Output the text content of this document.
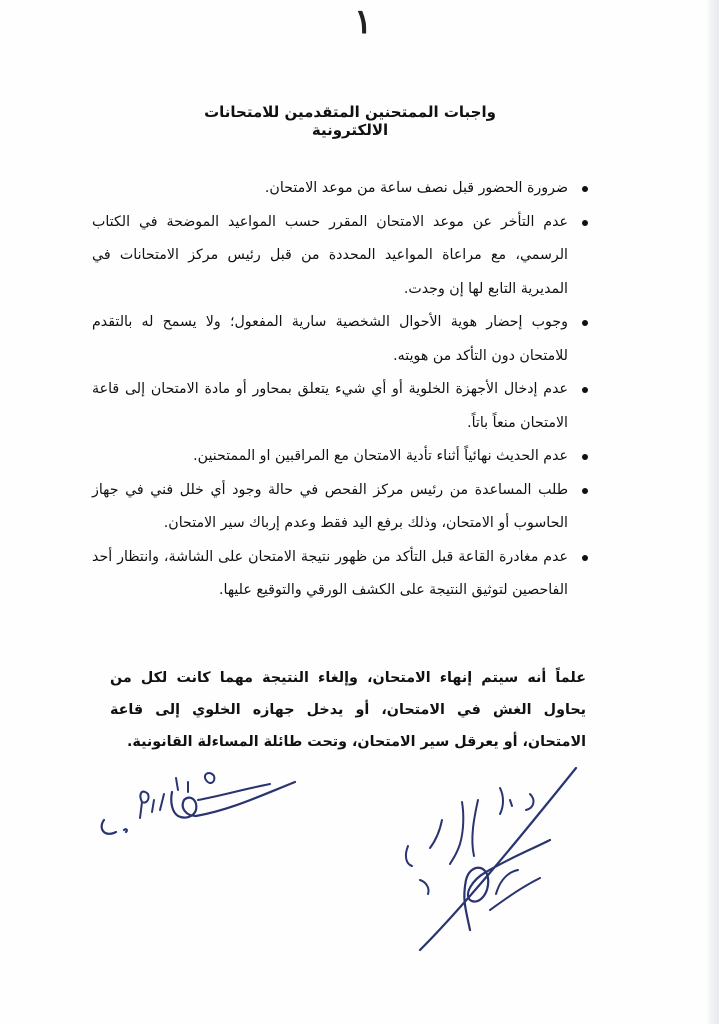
١
واجبات الممتحنين المتقدمين للامتحانات الالكترونية
ضرورة الحضور قبل نصف ساعة من موعد الامتحان.
عدم التأخر عن موعد الامتحان المقرر حسب المواعيد الموضحة في الكتاب الرسمي، مع مراعاة المواعيد المحددة من قبل رئيس مركز الامتحانات في المديرية التابع لها إن وجدت.
وجوب إحضار هوية الأحوال الشخصية سارية المفعول؛ ولا يسمح له بالتقدم للامتحان دون التأكد من هويته.
عدم إدخال الأجهزة الخلوية أو أي شيء يتعلق بمحاور أو مادة الامتحان إلى قاعة الامتحان منعاً باتاً.
عدم الحديث نهائياً أثناء تأدية الامتحان مع المراقبين او الممتحنين.
طلب المساعدة من رئيس مركز الفحص في حالة وجود أي خلل فني في جهاز الحاسوب أو الامتحان، وذلك برفع اليد فقط وعدم إرباك سير الامتحان.
عدم مغادرة القاعة قبل التأكد من ظهور نتيجة الامتحان على الشاشة، وانتظار أحد الفاحصين لتوثيق النتيجة على الكشف الورقي والتوقيع عليها.
علماً أنه سيتم إنهاء الامتحان، وإلغاء النتيجة مهما كانت لكل من يحاول الغش في الامتحان، أو يدخل جهازه الخلوي إلى قاعة الامتحان، أو يعرقل سير الامتحان، وتحت طائلة المساءلة القانونية.
